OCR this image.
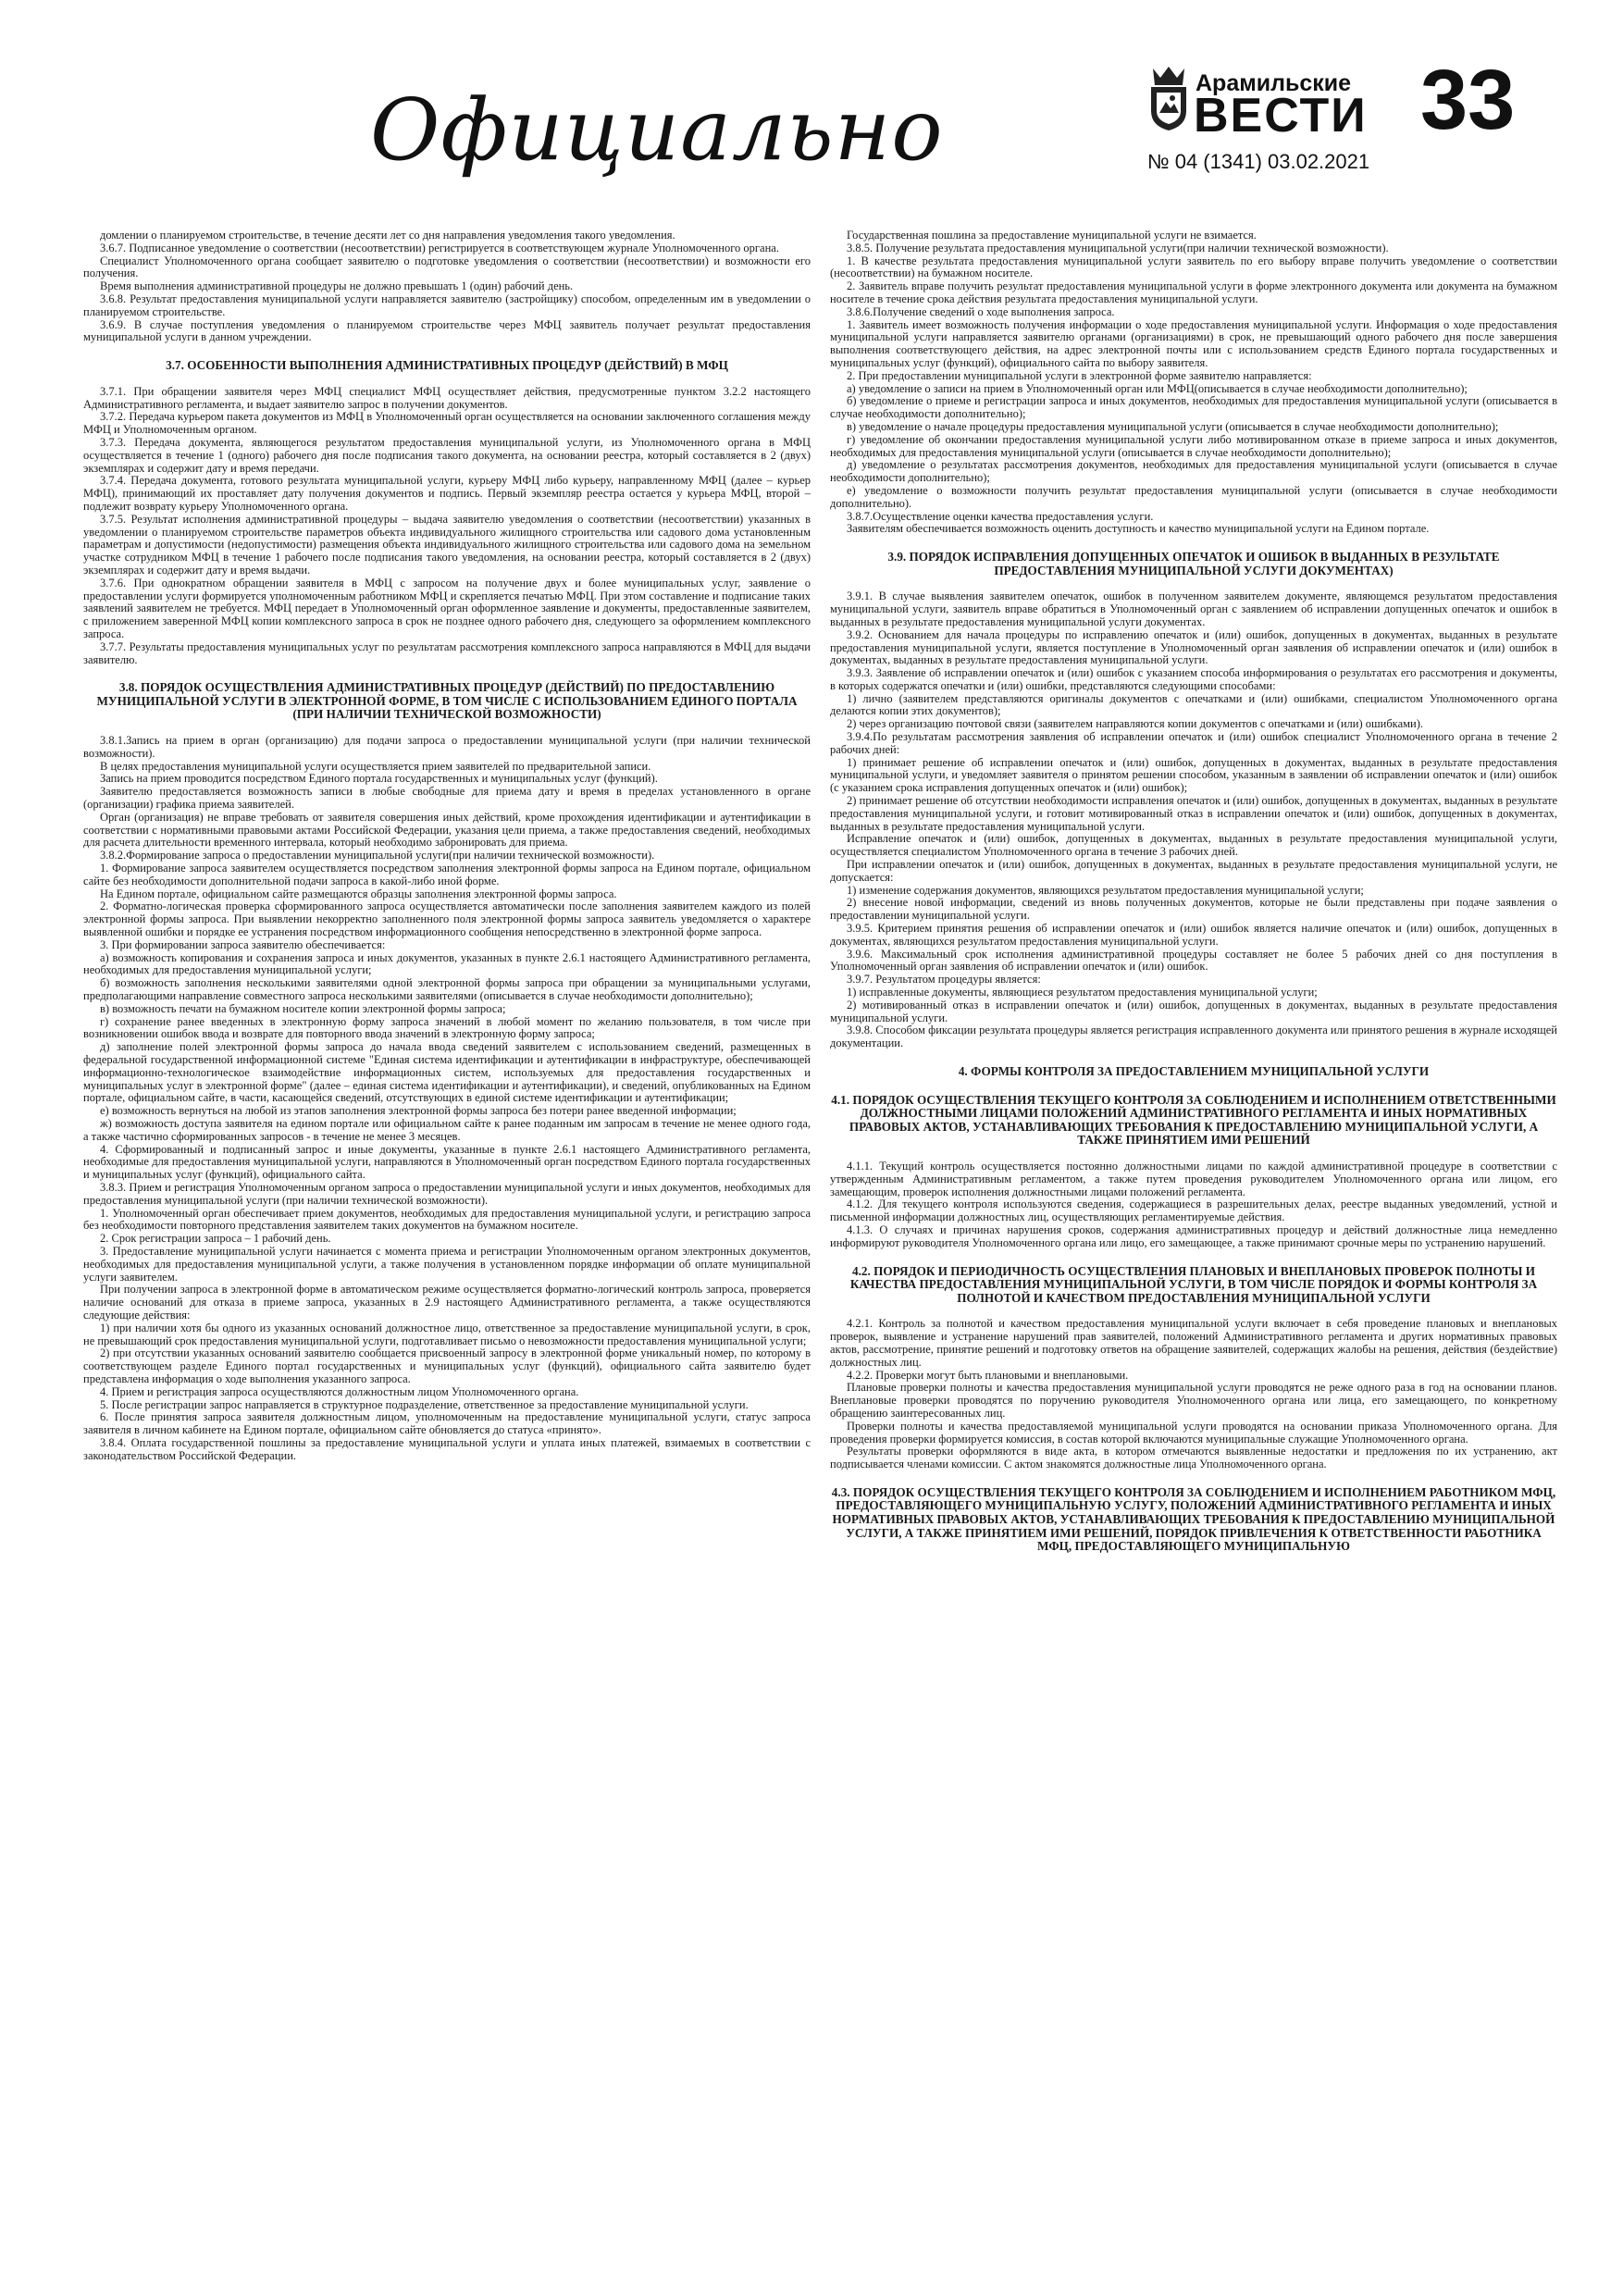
Официально	Арамильские
ВЕСТИ
№ 04 (1341) 03.02.2021
33

домлении о планируемом строительстве, в течение десяти лет со дня направления уведомления такого уведомления.

3.6.7. Подписанное уведомление о соответствии (несоответствии) регистрируется в соответствующем журнале Уполномоченного органа.

Специалист Уполномоченного органа сообщает заявителю о подготовке уведомления о соответствии (несоответствии) и возможности его получения.

Время выполнения административной процедуры не должно превышать 1 (один) рабочий день.

3.6.8. Результат предоставления муниципальной услуги направляется заявителю (застройщику) способом, определенным им в уведомлении о планируемом строительстве.

3.6.9. В случае поступления уведомления о планируемом строительстве через МФЦ заявитель получает результат предоставления муниципальной услуги в данном учреждении.

3.7. ОСОБЕННОСТИ ВЫПОЛНЕНИЯ АДМИНИСТРАТИВНЫХ ПРОЦЕДУР (ДЕЙСТВИЙ) В МФЦ

3.7.1. При обращении заявителя через МФЦ специалист МФЦ осуществляет действия, предусмотренные пунктом 3.2.2 настоящего Административного регламента, и выдает заявителю запрос в получении документов.

3.7.2. Передача курьером пакета документов из МФЦ в Уполномоченный орган осуществляется на основании заключенного соглашения между МФЦ и Уполномоченным органом.

3.7.3. Передача документа, являющегося результатом предоставления муниципальной услуги, из Уполномоченного органа в МФЦ осуществляется в течение 1 (одного) рабочего дня после подписания такого документа, на основании реестра, который составляется в 2 (двух) экземплярах и содержит дату и время передачи.

3.7.4. Передача документа, готового результата муниципальной услуги, курьеру МФЦ либо курьеру, направленному МФЦ (далее – курьер МФЦ), принимающий их проставляет дату получения документов и подпись. Первый экземпляр реестра остается у курьера МФЦ, второй – подлежит возврату курьеру Уполномоченного органа.

3.7.5. Результат исполнения административной процедуры – выдача заявителю уведомления о соответствии (несоответствии) указанных в уведомлении о планируемом строительстве параметров объекта индивидуального жилищного строительства или садового дома установленным параметрам и допустимости (недопустимости) размещения объекта индивидуального жилищного строительства или садового дома на земельном участке сотрудником МФЦ в течение 1 рабочего после подписания такого уведомления, на основании реестра, который составляется в 2 (двух) экземплярах и содержит дату и время выдачи.

3.7.6. При однократном обращении заявителя в МФЦ с запросом на получение двух и более муниципальных услуг, заявление о предоставлении услуги формируется уполномоченным работником МФЦ и скрепляется печатью МФЦ. При этом составление и подписание таких заявлений заявителем не требуется. МФЦ передает в Уполномоченный орган оформленное заявление и документы, предоставленные заявителем, с приложением заверенной МФЦ копии комплексного запроса в срок не позднее одного рабочего дня, следующего за оформлением комплексного запроса.

3.7.7. Результаты предоставления муниципальных услуг по результатам рассмотрения комплексного запроса направляются в МФЦ для выдачи заявителю.

3.8. ПОРЯДОК ОСУЩЕСТВЛЕНИЯ АДМИНИСТРАТИВНЫХ ПРОЦЕДУР (ДЕЙСТВИЙ) ПО ПРЕДОСТАВЛЕНИЮ МУНИЦИПАЛЬНОЙ УСЛУГИ В ЭЛЕКТРОННОЙ ФОРМЕ, В ТОМ ЧИСЛЕ С ИСПОЛЬЗОВАНИЕМ ЕДИНОГО ПОРТАЛА (ПРИ НАЛИЧИИ ТЕХНИЧЕСКОЙ ВОЗМОЖНОСТИ)

3.8.1.Запись на прием в орган (организацию) для подачи запроса о предоставлении муниципальной услуги (при наличии технической возможности).

В целях предоставления муниципальной услуги осуществляется прием заявителей по предварительной записи.

Запись на прием проводится посредством Единого портала государственных и муниципальных услуг (функций).

Заявителю предоставляется возможность записи в любые свободные для приема дату и время в пределах установленного в органе (организации) графика приема заявителей.

Орган (организация) не вправе требовать от заявителя совершения иных действий, кроме прохождения идентификации и аутентификации в соответствии с нормативными правовыми актами Российской Федерации, указания цели приема, а также предоставления сведений, необходимых для расчета длительности временного интервала, который необходимо забронировать для приема.

3.8.2.Формирование запроса о предоставлении муниципальной услуги(при наличии технической возможности).

1. Формирование запроса заявителем осуществляется посредством заполнения электронной формы запроса на Едином портале, официальном сайте без необходимости дополнительной подачи запроса в какой-либо иной форме.

На Едином портале, официальном сайте размещаются образцы заполнения электронной формы запроса.

2. Форматно-логическая проверка сформированного запроса осуществляется автоматически после заполнения заявителем каждого из полей электронной формы запроса. При выявлении некорректно заполненного поля электронной формы запроса заявитель уведомляется о характере выявленной ошибки и порядке ее устранения посредством информационного сообщения непосредственно в электронной форме запроса.

3. При формировании запроса заявителю обеспечивается:

а) возможность копирования и сохранения запроса и иных документов, указанных в пункте 2.6.1 настоящего Административного регламента, необходимых для предоставления муниципальной услуги;

б) возможность заполнения несколькими заявителями одной электронной формы запроса при обращении за муниципальными услугами, предполагающими направление совместного запроса несколькими заявителями (описывается в случае необходимости дополнительно);

в) возможность печати на бумажном носителе копии электронной формы запроса;

г) сохранение ранее введенных в электронную форму запроса значений в любой момент по желанию пользователя, в том числе при возникновении ошибок ввода и возврате для повторного ввода значений в электронную форму запроса;

д) заполнение полей электронной формы запроса до начала ввода сведений заявителем с использованием сведений, размещенных в федеральной государственной информационной системе "Единая система идентификации и аутентификации в инфраструктуре, обеспечивающей информационно-технологическое взаимодействие информационных систем, используемых для предоставления государственных и муниципальных услуг в электронной форме" (далее – единая система идентификации и аутентификации), и сведений, опубликованных на Едином портале, официальном сайте, в части, касающейся сведений, отсутствующих в единой системе идентификации и аутентификации;

е) возможность вернуться на любой из этапов заполнения электронной формы запроса без потери ранее введенной информации;

ж) возможность доступа заявителя на едином портале или официальном сайте к ранее поданным им запросам в течение не менее одного года, а также частично сформированных запросов - в течение не менее 3 месяцев.

4. Сформированный и подписанный запрос и иные документы, указанные в пункте 2.6.1 настоящего Административного регламента, необходимые для предоставления муниципальной услуги, направляются в Уполномоченный орган посредством Единого портала государственных и муниципальных услуг (функций), официального сайта.

3.8.3. Прием и регистрация Уполномоченным органом запроса о предоставлении муниципальной услуги и иных документов, необходимых для предоставления муниципальной услуги (при наличии технической возможности).

1. Уполномоченный орган обеспечивает прием документов, необходимых для предоставления муниципальной услуги, и регистрацию запроса без необходимости повторного представления заявителем таких документов на бумажном носителе.

2. Срок регистрации запроса – 1 рабочий день.

3. Предоставление муниципальной услуги начинается с момента приема и регистрации Уполномоченным органом электронных документов, необходимых для предоставления муниципальной услуги, а также получения в установленном порядке информации об оплате муниципальной услуги заявителем.

При получении запроса в электронной форме в автоматическом режиме осуществляется форматно-логический контроль запроса, проверяется наличие оснований для отказа в приеме запроса, указанных в 2.9 настоящего Административного регламента, а также осуществляются следующие действия:

1) при наличии хотя бы одного из указанных оснований должностное лицо, ответственное за предоставление муниципальной услуги, в срок, не превышающий срок предоставления муниципальной услуги, подготавливает письмо о невозможности предоставления муниципальной услуги;

2) при отсутствии указанных оснований заявителю сообщается присвоенный запросу в электронной форме уникальный номер, по которому в соответствующем разделе Единого портал государственных и муниципальных услуг (функций), официального сайта заявителю будет представлена информация о ходе выполнения указанного запроса.

4. Прием и регистрация запроса осуществляются должностным лицом Уполномоченного органа.

5. После регистрации запрос направляется в структурное подразделение, ответственное за предоставление муниципальной услуги.

6. После принятия запроса заявителя должностным лицом, уполномоченным на предоставление муниципальной услуги, статус запроса заявителя в личном кабинете на Едином портале, официальном сайте обновляется до статуса «принято».

3.8.4. Оплата государственной пошлины за предоставление муниципальной услуги и уплата иных платежей, взимаемых в соответствии с законодательством Российской Федерации.

Государственная пошлина за предоставление муниципальной услуги не взимается.

3.8.5. Получение результата предоставления муниципальной услуги(при наличии технической возможности).

1. В качестве результата предоставления муниципальной услуги заявитель по его выбору вправе получить уведомление о соответствии (несоответствии) на бумажном носителе.

2. Заявитель вправе получить результат предоставления муниципальной услуги в форме электронного документа или документа на бумажном носителе в течение срока действия результата предоставления муниципальной услуги.

3.8.6.Получение сведений о ходе выполнения запроса.

1. Заявитель имеет возможность получения информации о ходе предоставления муниципальной услуги. Информация о ходе предоставления муниципальной услуги направляется заявителю органами (организациями) в срок, не превышающий одного рабочего дня после завершения выполнения соответствующего действия, на адрес электронной почты или с использованием средств Единого портала государственных и муниципальных услуг (функций), официального сайта по выбору заявителя.

2. При предоставлении муниципальной услуги в электронной форме заявителю направляется:

а) уведомление о записи на прием в Уполномоченный орган или МФЦ(описывается в случае необходимости дополнительно);

б) уведомление о приеме и регистрации запроса и иных документов, необходимых для предоставления муниципальной услуги (описывается в случае необходимости дополнительно);

в) уведомление о начале процедуры предоставления муниципальной услуги (описывается в случае необходимости дополнительно);

г) уведомление об окончании предоставления муниципальной услуги либо мотивированном отказе в приеме запроса и иных документов, необходимых для предоставления муниципальной услуги (описывается в случае необходимости дополнительно);

д) уведомление о результатах рассмотрения документов, необходимых для предоставления муниципальной услуги (описывается в случае необходимости дополнительно);

е) уведомление о возможности получить результат предоставления муниципальной услуги (описывается в случае необходимости дополнительно).

3.8.7.Осуществление оценки качества предоставления услуги.

Заявителям обеспечивается возможность оценить доступность и качество муниципальной услуги на Едином портале.

3.9. ПОРЯДОК ИСПРАВЛЕНИЯ ДОПУЩЕННЫХ ОПЕЧАТОК И ОШИБОК В ВЫДАННЫХ В РЕЗУЛЬТАТЕ ПРЕДОСТАВЛЕНИЯ МУНИЦИПАЛЬНОЙ УСЛУГИ ДОКУМЕНТАХ)

3.9.1. В случае выявления заявителем опечаток, ошибок в полученном заявителем документе, являющемся результатом предоставления муниципальной услуги, заявитель вправе обратиться в Уполномоченный орган с заявлением об исправлении допущенных опечаток и ошибок в выданных в результате предоставления муниципальной услуги документах.

3.9.2. Основанием для начала процедуры по исправлению опечаток и (или) ошибок, допущенных в документах, выданных в результате предоставления муниципальной услуги, является поступление в Уполномоченный орган заявления об исправлении опечаток и (или) ошибок в документах, выданных в результате предоставления муниципальной услуги.

3.9.3. Заявление об исправлении опечаток и (или) ошибок с указанием способа информирования о результатах его рассмотрения и документы, в которых содержатся опечатки и (или) ошибки, представляются следующими способами:

1) лично (заявителем представляются оригиналы документов с опечатками и (или) ошибками, специалистом Уполномоченного органа делаются копии этих документов);

2) через организацию почтовой связи (заявителем направляются копии документов с опечатками и (или) ошибками).

3.9.4.По результатам рассмотрения заявления об исправлении опечаток и (или) ошибок специалист Уполномоченного органа в течение 2 рабочих дней:

1) принимает решение об исправлении опечаток и (или) ошибок, допущенных в документах, выданных в результате предоставления муниципальной услуги, и уведомляет заявителя о принятом решении способом, указанным в заявлении об исправлении опечаток и (или) ошибок (с указанием срока исправления допущенных опечаток и (или) ошибок);

2) принимает решение об отсутствии необходимости исправления опечаток и (или) ошибок, допущенных в документах, выданных в результате предоставления муниципальной услуги, и готовит мотивированный отказ в исправлении опечаток и (или) ошибок, допущенных в документах, выданных в результате предоставления муниципальной услуги.

Исправление опечаток и (или) ошибок, допущенных в документах, выданных в результате предоставления муниципальной услуги, осуществляется специалистом Уполномоченного органа в течение 3 рабочих дней.

При исправлении опечаток и (или) ошибок, допущенных в документах, выданных в результате предоставления муниципальной услуги, не допускается:

1) изменение содержания документов, являющихся результатом предоставления муниципальной услуги;

2) внесение новой информации, сведений из вновь полученных документов, которые не были представлены при подаче заявления о предоставлении муниципальной услуги.

3.9.5. Критерием принятия решения об исправлении опечаток и (или) ошибок является наличие опечаток и (или) ошибок, допущенных в документах, являющихся результатом предоставления муниципальной услуги.

3.9.6. Максимальный срок исполнения административной процедуры составляет не более 5 рабочих дней со дня поступления в Уполномоченный орган заявления об исправлении опечаток и (или) ошибок.

3.9.7. Результатом процедуры является:

1) исправленные документы, являющиеся результатом предоставления муниципальной услуги;

2) мотивированный отказ в исправлении опечаток и (или) ошибок, допущенных в документах, выданных в результате предоставления муниципальной услуги.

3.9.8. Способом фиксации результата процедуры является регистрация исправленного документа или принятого решения в журнале исходящей документации.

4. ФОРМЫ КОНТРОЛЯ ЗА ПРЕДОСТАВЛЕНИЕМ МУНИЦИПАЛЬНОЙ УСЛУГИ
4.1. ПОРЯДОК ОСУЩЕСТВЛЕНИЯ ТЕКУЩЕГО КОНТРОЛЯ ЗА СОБЛЮДЕНИЕМ И ИСПОЛНЕНИЕМ ОТВЕТСТВЕННЫМИ ДОЛЖНОСТНЫМИ ЛИЦАМИ ПОЛОЖЕНИЙ АДМИНИСТРАТИВНОГО РЕГЛАМЕНТА И ИНЫХ НОРМАТИВНЫХ ПРАВОВЫХ АКТОВ, УСТАНАВЛИВАЮЩИХ ТРЕБОВАНИЯ К ПРЕДОСТАВЛЕНИЮ МУНИЦИПАЛЬНОЙ УСЛУГИ, А ТАКЖЕ ПРИНЯТИЕМ ИМИ РЕШЕНИЙ

4.1.1. Текущий контроль осуществляется постоянно должностными лицами по каждой административной процедуре в соответствии с утвержденным Административным регламентом, а также путем проведения руководителем Уполномоченного органа или лицом, его замещающим, проверок исполнения должностными лицами положений регламента.

4.1.2. Для текущего контроля используются сведения, содержащиеся в разрешительных делах, реестре выданных уведомлений, устной и письменной информации должностных лиц, осуществляющих регламентируемые действия.

4.1.3. О случаях и причинах нарушения сроков, содержания административных процедур и действий должностные лица немедленно информируют руководителя Уполномоченного органа или лицо, его замещающее, а также принимают срочные меры по устранению нарушений.

4.2. ПОРЯДОК И ПЕРИОДИЧНОСТЬ ОСУЩЕСТВЛЕНИЯ ПЛАНОВЫХ И ВНЕПЛАНОВЫХ ПРОВЕРОК ПОЛНОТЫ И КАЧЕСТВА ПРЕДОСТАВЛЕНИЯ МУНИЦИПАЛЬНОЙ УСЛУГИ, В ТОМ ЧИСЛЕ ПОРЯДОК И ФОРМЫ КОНТРОЛЯ ЗА ПОЛНОТОЙ И КАЧЕСТВОМ ПРЕДОСТАВЛЕНИЯ МУНИЦИПАЛЬНОЙ УСЛУГИ

4.2.1. Контроль за полнотой и качеством предоставления муниципальной услуги включает в себя проведение плановых и внеплановых проверок, выявление и устранение нарушений прав заявителей, положений Административного регламента и других нормативных правовых актов, рассмотрение, принятие решений и подготовку ответов на обращение заявителей, содержащих жалобы на решения, действия (бездействие) должностных лиц.

4.2.2. Проверки могут быть плановыми и внеплановыми.

Плановые проверки полноты и качества предоставления муниципальной услуги проводятся не реже одного раза в год на основании планов. Внеплановые проверки проводятся по поручению руководителя Уполномоченного органа или лица, его замещающего, по конкретному обращению заинтересованных лиц.

Проверки полноты и качества предоставляемой муниципальной услуги проводятся на основании приказа Уполномоченного органа. Для проведения проверки формируется комиссия, в состав которой включаются муниципальные служащие Уполномоченного органа.

Результаты проверки оформляются в виде акта, в котором отмечаются выявленные недостатки и предложения по их устранению, акт подписывается членами комиссии. С актом знакомятся должностные лица Уполномоченного органа.

4.3. ПОРЯДОК ОСУЩЕСТВЛЕНИЯ ТЕКУЩЕГО КОНТРОЛЯ ЗА СОБЛЮДЕНИЕМ И ИСПОЛНЕНИЕМ РАБОТНИКОМ МФЦ, ПРЕДОСТАВЛЯЮЩЕГО МУНИЦИПАЛЬНУЮ УСЛУГУ, ПОЛОЖЕНИЙ АДМИНИСТРАТИВНОГО РЕГЛАМЕНТА И ИНЫХ НОРМАТИВНЫХ ПРАВОВЫХ АКТОВ, УСТАНАВЛИВАЮЩИХ ТРЕБОВАНИЯ К ПРЕДОСТАВЛЕНИЮ МУНИЦИПАЛЬНОЙ УСЛУГИ, А ТАКЖЕ ПРИНЯТИЕМ ИМИ РЕШЕНИЙ, ПОРЯДОК ПРИВЛЕЧЕНИЯ К ОТВЕТСТВЕННОСТИ РАБОТНИКА МФЦ, ПРЕДОСТАВЛЯЮЩЕГО МУНИЦИПАЛЬНУЮ
